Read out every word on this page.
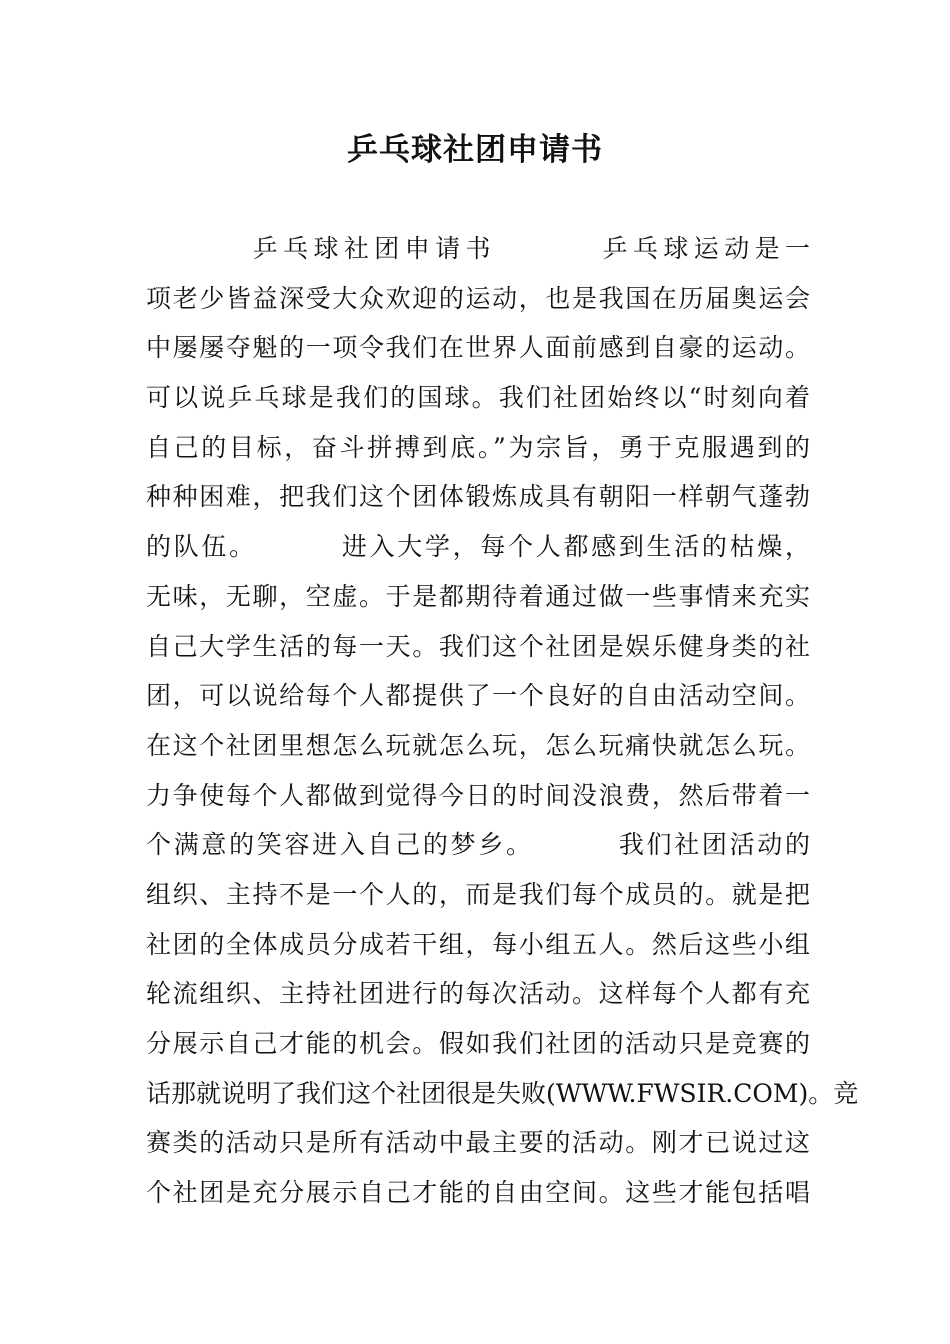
乒乓球社团申请书
乒乓球社团申请书        乒乓球运动是一
项老少皆益深受大众欢迎的运动，也是我国在历届奥运会
中屡屡夺魁的一项令我们在世界人面前感到自豪的运动。
可以说乒乓球是我们的国球。我们社团始终以“时刻向着
自己的目标，奋斗拼搏到底。”为宗旨，勇于克服遇到的
种种困难，把我们这个团体锻炼成具有朝阳一样朝气蓬勃
的队伍。        进入大学，每个人都感到生活的枯燥，
无味，无聊，空虚。于是都期待着通过做一些事情来充实
自己大学生活的每一天。我们这个社团是娱乐健身类的社
团，可以说给每个人都提供了一个良好的自由活动空间。
在这个社团里想怎么玩就怎么玩，怎么玩痛快就怎么玩。
力争使每个人都做到觉得今日的时间没浪费，然后带着一
个满意的笑容进入自己的梦乡。        我们社团活动的
组织、主持不是一个人的，而是我们每个成员的。就是把
社团的全体成员分成若干组，每小组五人。然后这些小组
轮流组织、主持社团进行的每次活动。这样每个人都有充
分展示自己才能的机会。假如我们社团的活动只是竞赛的
话那就说明了我们这个社团很是失败(WWW.FWSIR.COM)。竞
赛类的活动只是所有活动中最主要的活动。刚才已说过这
个社团是充分展示自己才能的自由空间。这些才能包括唱
